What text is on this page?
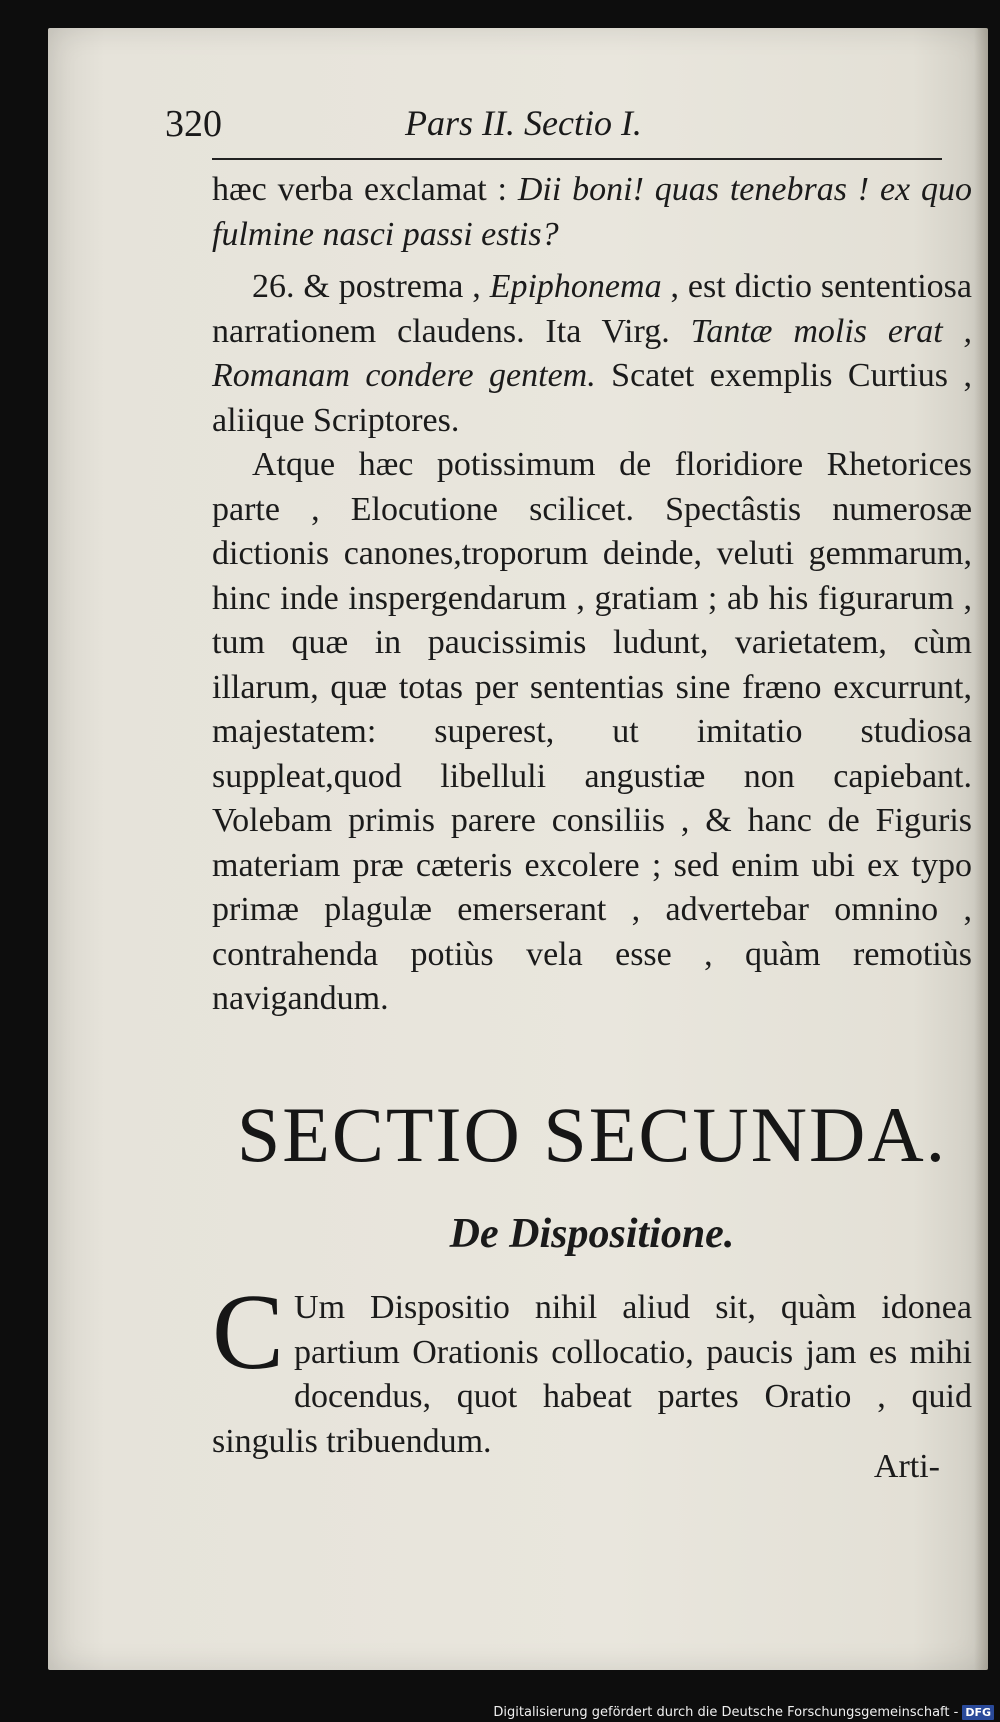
320	Pars II. Sectio I.

hæc verba exclamat : Dii boni! quas tenebras ! ex quo fulmine nasci passi estis?

26. & postrema , Epiphonema , est dictio sententiosa narrationem claudens. Ita Virg. Tantæ molis erat , Romanam condere gentem. Scatet exemplis Curtius , aliique Scriptores.

Atque hæc potissimum de floridiore Rhetorices parte , Elocutione scilicet. Spectâstis numerosæ dictionis canones,troporum deinde, veluti gemmarum, hinc inde inspergendarum , gratiam ; ab his figurarum , tum quæ in paucissimis ludunt, varietatem, cùm illarum, quæ totas per sententias sine fræno excurrunt, majestatem: superest, ut imitatio studiosa suppleat,quod libelluli angustiæ non capiebant. Volebam primis parere consiliis , & hanc de Figuris materiam præ cæteris excolere ; sed enim ubi ex typo primæ plagulæ emerserant , advertebar omnino , contrahenda potiùs vela esse , quàm remotiùs navigandum.

SECTIO SECUNDA.
De Dispositione.
C Um Dispositio nihil aliud sit, quàm idonea partium Orationis collocatio, paucis jam es mihi docendus, quot habeat partes Oratio , quid singulis tribuendum.
Arti-
Digitalisierung gefördert durch die Deutsche Forschungsgemeinschaft - DFG
